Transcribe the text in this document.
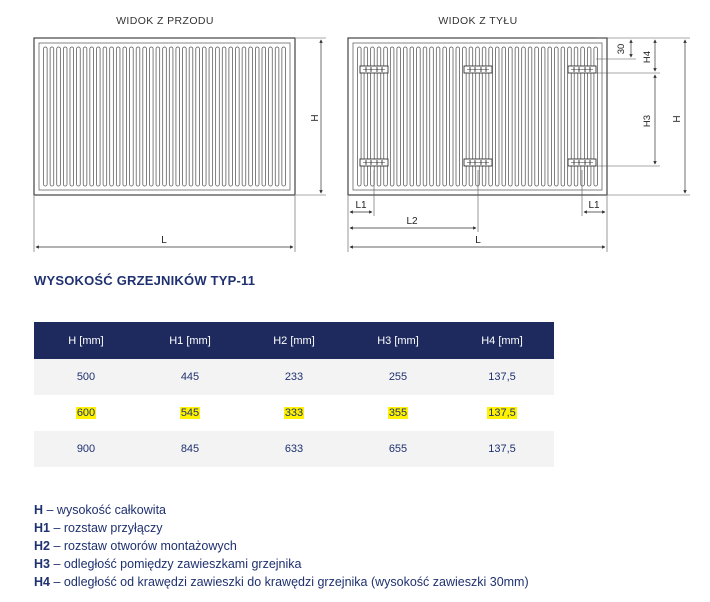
WIDOK Z PRZODU	WIDOK Z TYŁU
H
L
30
H4
H3 H
L1	L1
L2
L
WYSOKOŚĆ GRZEJNIKÓW TYP-11
H [mm]	H1 [mm]	H2 [mm]	H3 [mm]	H4 [mm]
500	445	233	255	137,5
600	545	333	355	137,5
900	845	633	655	137,5
H – wysokość całkowita
H1 – rozstaw przyłączy
H2 – rozstaw otworów montażowych
H3 – odległość pomiędzy zawieszkami grzejnika
H4 – odległość od krawędzi zawieszki do krawędzi grzejnika (wysokość zawieszki 30mm)
